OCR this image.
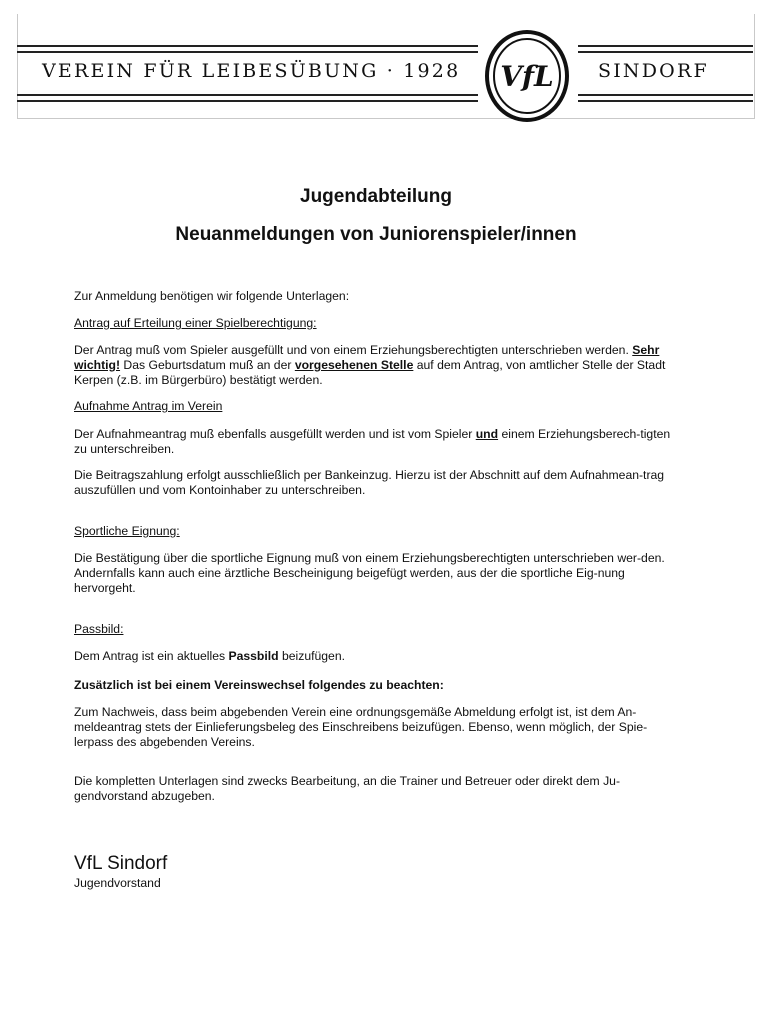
VEREIN FÜR LEIBESÜBUNG · 1928	SINDORF
VfL
Jugendabteilung
Neuanmeldungen von Juniorenspieler/innen
Zur Anmeldung benötigen wir folgende Unterlagen:
Antrag auf Erteilung einer Spielberechtigung:
Der Antrag muß vom Spieler ausgefüllt und von einem Erziehungsberechtigten unterschrieben werden. Sehr wichtig! Das Geburtsdatum muß an der vorgesehenen Stelle auf dem Antrag, von amtlicher Stelle der Stadt Kerpen (z.B. im Bürgerbüro) bestätigt werden.
Aufnahme Antrag im Verein
Der Aufnahmeantrag muß ebenfalls ausgefüllt werden und ist vom Spieler und einem Erziehungsberech-tigten zu unterschreiben.
Die Beitragszahlung erfolgt ausschließlich per Bankeinzug. Hierzu ist der Abschnitt auf dem Aufnahmean-trag auszufüllen und vom Kontoinhaber zu unterschreiben.
Sportliche Eignung:
Die Bestätigung über die sportliche Eignung muß von einem Erziehungsberechtigten unterschrieben wer-den. Andernfalls kann auch eine ärztliche Bescheinigung beigefügt werden, aus der die sportliche Eig-nung hervorgeht.
Passbild:
Dem Antrag ist ein aktuelles Passbild beizufügen.
Zusätzlich ist bei einem Vereinswechsel folgendes zu beachten:
Zum Nachweis, dass beim abgebenden Verein eine ordnungsgemäße Abmeldung erfolgt ist, ist dem An-meldeantrag stets der Einlieferungsbeleg des Einschreibens beizufügen. Ebenso, wenn möglich, der Spie-lerpass des abgebenden Vereins.
Die kompletten Unterlagen sind zwecks Bearbeitung, an die Trainer und Betreuer oder direkt dem Ju-gendvorstand abzugeben.
VfL Sindorf
Jugendvorstand
